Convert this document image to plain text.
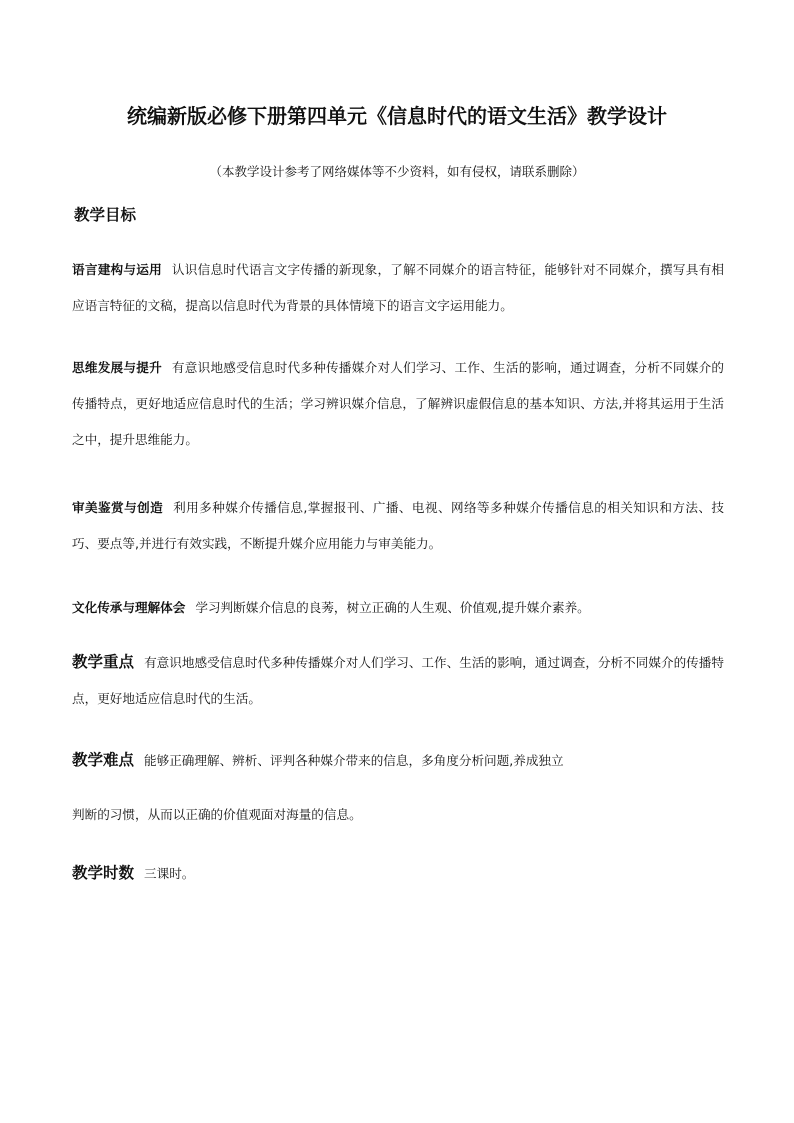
统编新版必修下册第四单元《信息时代的语文生活》教学设计
（本教学设计参考了网络媒体等不少资料，如有侵权，请联系删除）
教学目标
语言建构与运用 认识信息时代语言文字传播的新现象，了解不同媒介的语言特征，能够针对不同媒介，撰写具有相应语言特征的文稿，提高以信息时代为背景的具体情境下的语言文字运用能力。
思维发展与提升 有意识地感受信息时代多种传播媒介对人们学习、工作、生活的影响，通过调查，分析不同媒介的传播特点，更好地适应信息时代的生活；学习辨识媒介信息，了解辨识虚假信息的基本知识、方法,并将其运用于生活之中，提升思维能力。
审美鉴赏与创造 利用多种媒介传播信息,掌握报刊、广播、电视、网络等多种媒介传播信息的相关知识和方法、技巧、要点等,并进行有效实践，不断提升媒介应用能力与审美能力。
文化传承与理解体会 学习判断媒介信息的良莠，树立正确的人生观、价值观,提升媒介素养。
教学重点 有意识地感受信息时代多种传播媒介对人们学习、工作、生活的影响，通过调查，分析不同媒介的传播特点，更好地适应信息时代的生活。
教学难点 能够正确理解、辨析、评判各种媒介带来的信息，多角度分析问题,养成独立
判断的习惯，从而以正确的价值观面对海量的信息。
教学时数 三课时。
